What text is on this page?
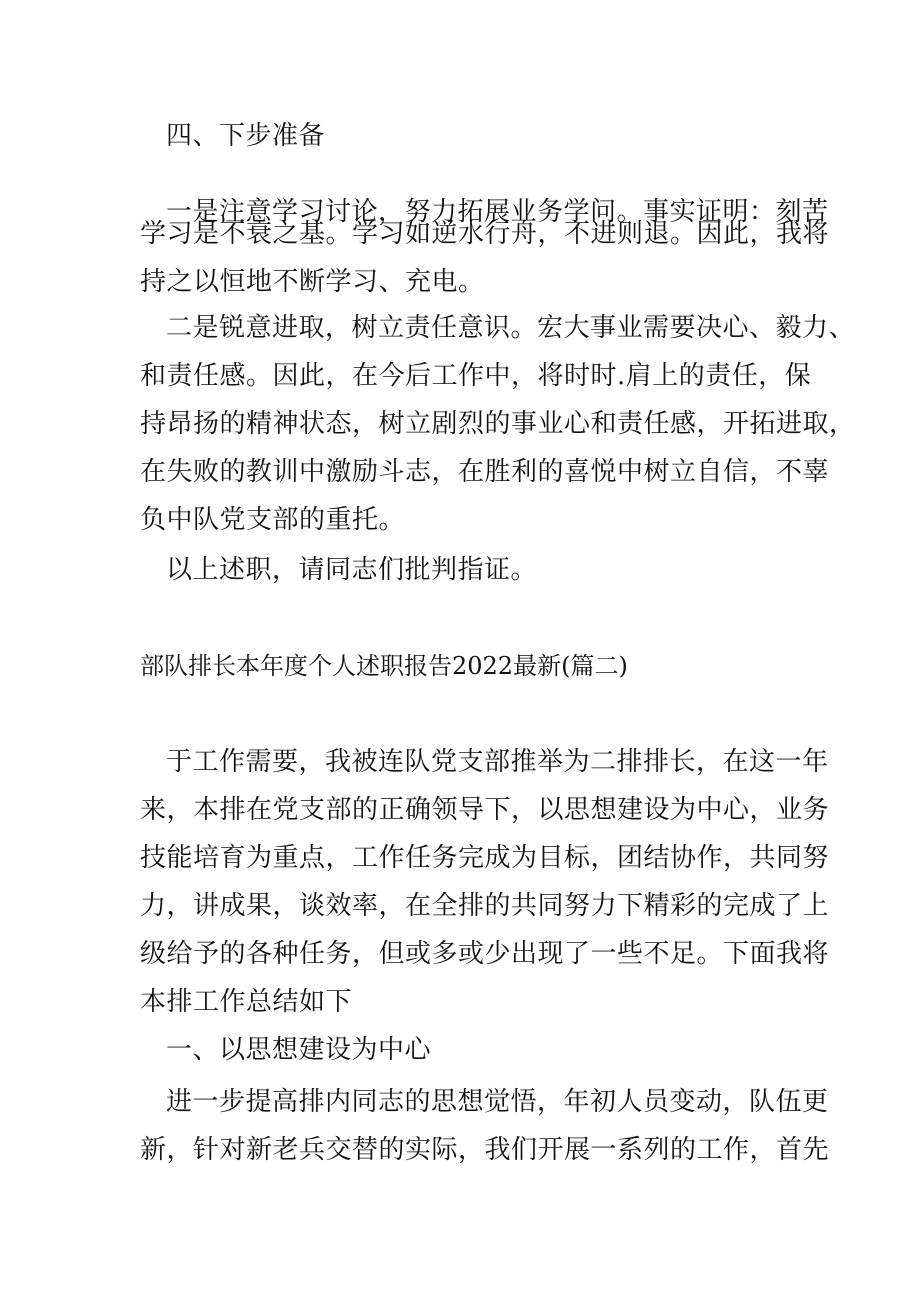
四、下步准备
一是注意学习讨论，努力拓展业务学问。事实证明：刻苦
学习是不衰之基。学习如逆水行舟，不进则退。因此，我将
持之以恒地不断学习、充电。
二是锐意进取，树立责任意识。宏大事业需要决心、毅力、
和责任感。因此，在今后工作中，将时时.肩上的责任，保
持昂扬的精神状态，树立剧烈的事业心和责任感，开拓进取，
在失败的教训中激励斗志，在胜利的喜悦中树立自信，不辜
负中队党支部的重托。
以上述职，请同志们批判指证。
部队排长本年度个人述职报告2022最新(篇二)
于工作需要，我被连队党支部推举为二排排长，在这一年
来，本排在党支部的正确领导下，以思想建设为中心，业务
技能培育为重点，工作任务完成为目标，团结协作，共同努
力，讲成果，谈效率，在全排的共同努力下精彩的完成了上
级给予的各种任务，但或多或少出现了一些不足。下面我将
本排工作总结如下
一、以思想建设为中心
进一步提高排内同志的思想觉悟，年初人员变动，队伍更
新，针对新老兵交替的实际，我们开展一系列的工作，首先
